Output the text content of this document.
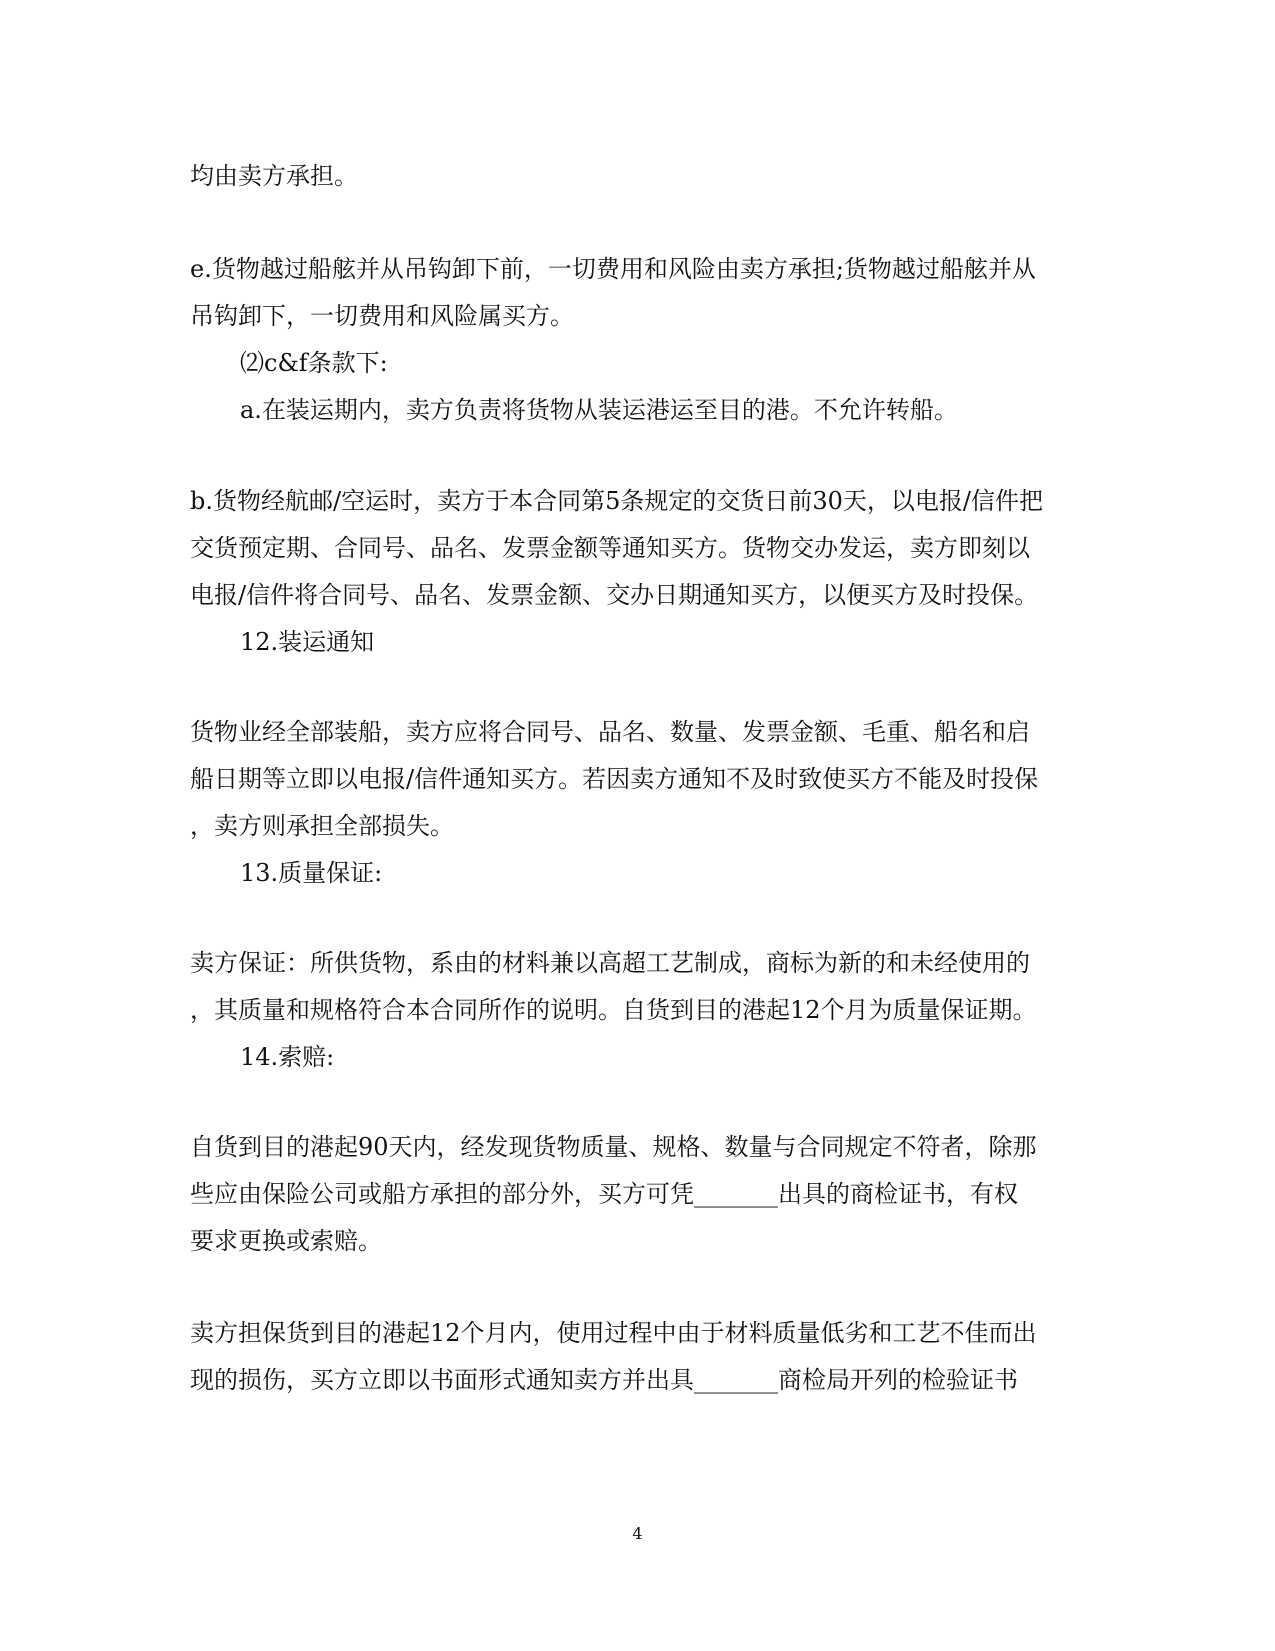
均由卖方承担。
e.货物越过船舷并从吊钩卸下前，一切费用和风险由卖方承担;货物越过船舷并从
吊钩卸下，一切费用和风险属买方。
⑵c&f条款下:
a.在装运期内，卖方负责将货物从装运港运至目的港。不允许转船。
b.货物经航邮/空运时，卖方于本合同第5条规定的交货日前30天，以电报/信件把
交货预定期、合同号、品名、发票金额等通知买方。货物交办发运，卖方即刻以
电报/信件将合同号、品名、发票金额、交办日期通知买方，以便买方及时投保。
12.装运通知
货物业经全部装船，卖方应将合同号、品名、数量、发票金额、毛重、船名和启
船日期等立即以电报/信件通知买方。若因卖方通知不及时致使买方不能及时投保
，卖方则承担全部损失。
13.质量保证:
卖方保证：所供货物，系由的材料兼以高超工艺制成，商标为新的和未经使用的
，其质量和规格符合本合同所作的说明。自货到目的港起12个月为质量保证期。
14.索赔:
自货到目的港起90天内，经发现货物质量、规格、数量与合同规定不符者，除那
些应由保险公司或船方承担的部分外，买方可凭_______出具的商检证书，有权
要求更换或索赔。
卖方担保货到目的港起12个月内，使用过程中由于材料质量低劣和工艺不佳而出
现的损伤，买方立即以书面形式通知卖方并出具_______商检局开列的检验证书
4
